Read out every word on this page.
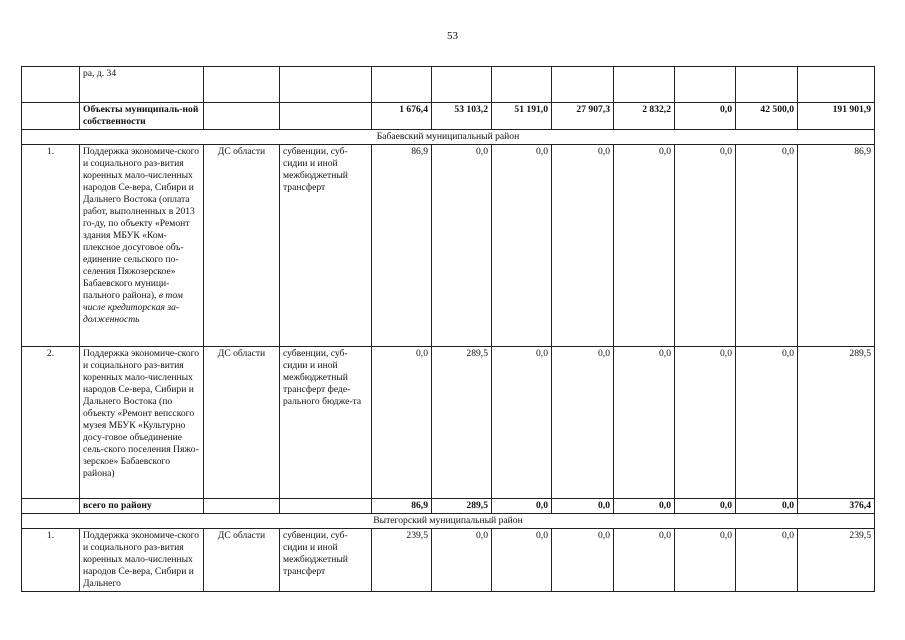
53
	ра, д. 34										
	Объекты муниципаль-ной собственности			1 676,4	53 103,2	51 191,0	27 907,3	2 832,2	0,0	42 500,0	191 901,9
Бабаевский муниципальный район											
1.	Поддержка экономиче-ского и социального раз-вития коренных мало-численных народов Се-вера, Сибири и Дальнего Востока (оплата работ, выполненных в 2013 го-ду, по объекту «Ремонт здания МБУК «Ком-плексное досуговое объ-единение сельского по-селения Пяжозерское» Бабаевского муници-пального района), в том числе кредиторская за-долженность	ДС области	субвенции, суб-сидии и иной межбюджетный трансферт	86,9	0,0	0,0	0,0	0,0	0,0	0,0	86,9
2.	Поддержка экономиче-ского и социального раз-вития коренных мало-численных народов Се-вера, Сибири и Дальнего Востока (по объекту «Ремонт вепсского музея МБУК «Культурно досу-говое объединение сель-ского поселения Пяжо-зерское» Бабаевского района)	ДС области	субвенции, суб-сидии и иной межбюджетный трансферт феде-рального бюдже-та	0,0	289,5	0,0	0,0	0,0	0,0	0,0	289,5
	всего по району			86,9	289,5	0,0	0,0	0,0	0,0	0,0	376,4
Вытегорский муниципальный район											
1.	Поддержка экономиче-ского и социального раз-вития коренных мало-численных народов Се-вера, Сибири и Дальнего	ДС области	субвенции, суб-сидии и иной межбюджетный трансферт	239,5	0,0	0,0	0,0	0,0	0,0	0,0	239,5
